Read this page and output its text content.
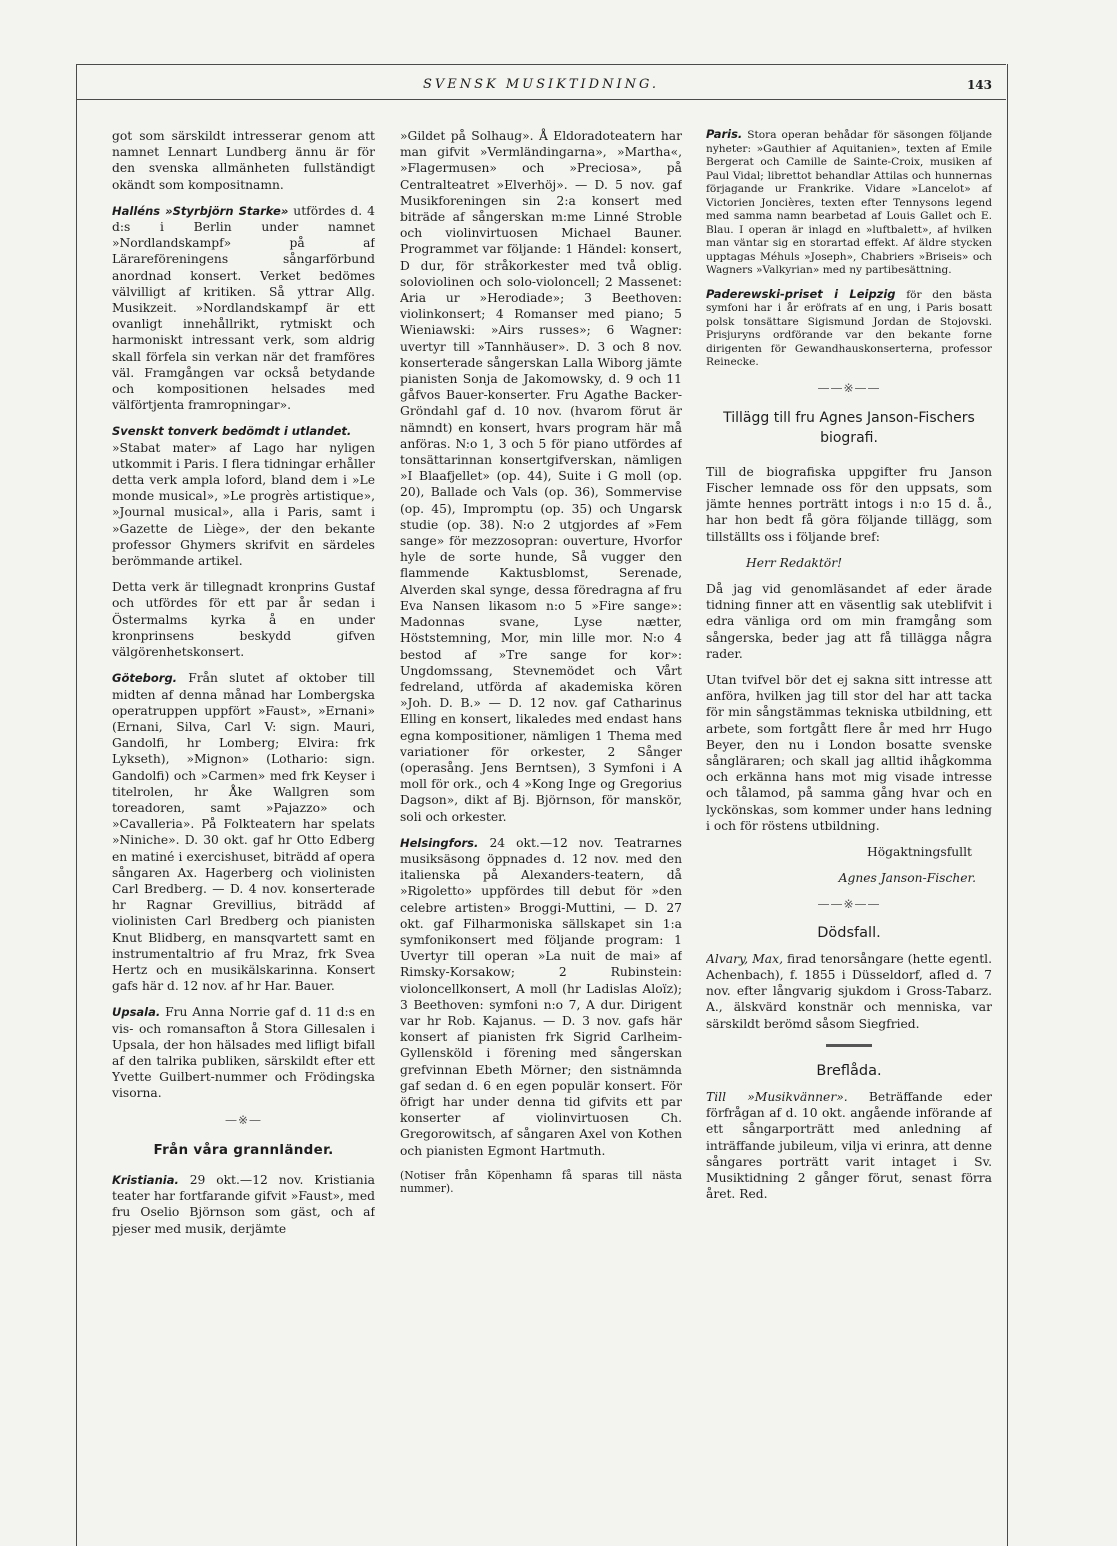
SVENSK MUSIKTIDNING.	143

got som särskildt intresserar genom att namnet Lennart Lundberg ännu är för den svenska allmänheten fullständigt okändt som kompositnamn.

Halléns »Styrbjörn Starke» utfördes d. 4 d:s i Berlin under namnet »Nordlandskampf» på af Lärareföreningens sångarförbund anordnad konsert. Verket bedömes välvilligt af kritiken. Så yttrar Allg. Musikzeit. »Nordlandskampf är ett ovanligt innehållrikt, rytmiskt och harmoniskt intressant verk, som aldrig skall förfela sin verkan när det framföres väl. Framgången var också betydande och kompositionen helsades med välförtjenta framropningar».

Svenskt tonverk bedömdt i utlandet.
»Stabat mater» af Lago har nyligen utkommit i Paris. I flera tidningar erhåller detta verk ampla loford, bland dem i »Le monde musical», »Le progrès artistique», »Journal musical», alla i Paris, samt i »Gazette de Liège», der den bekante professor Ghymers skrifvit en särdeles berömmande artikel.

Detta verk är tillegnadt kronprins Gustaf och utfördes för ett par år sedan i Östermalms kyrka å en under kronprinsens beskydd gifven välgörenhetskonsert.

Göteborg. Från slutet af oktober till midten af denna månad har Lombergska operatruppen uppfört »Faust», »Ernani» (Ernani, Silva, Carl V: sign. Mauri, Gandolfi, hr Lomberg; Elvira: frk Lykseth), »Mignon» (Lothario: sign. Gandolfi) och »Carmen» med frk Keyser i titelrolen, hr Åke Wallgren som toreadoren, samt »Pajazzo» och »Cavalleria». På Folkteatern har spelats »Niniche». D. 30 okt. gaf hr Otto Edberg en matiné i exercishuset, biträdd af opera sångaren Ax. Hagerberg och violinisten Carl Bredberg. — D. 4 nov. konserterade hr Ragnar Grevillius, biträdd af violinisten Carl Bredberg och pianisten Knut Blidberg, en mansqvartett samt en instrumentaltrio af fru Mraz, frk Svea Hertz och en musikälskarinna. Konsert gafs här d. 12 nov. af hr Har. Bauer.

Upsala. Fru Anna Norrie gaf d. 11 d:s en vis- och romansafton å Stora Gillesalen i Upsala, der hon hälsades med lifligt bifall af den talrika publiken, särskildt efter ett Yvette Guilbert-nummer och Frödingska visorna.

—※—
Från våra grannländer.

Kristiania. 29 okt.—12 nov. Kristiania teater har fortfarande gifvit »Faust», med fru Oselio Björnson som gäst, och af pjeser med musik, derjämte

»Gildet på Solhaug». Å Eldoradoteatern har man gifvit »Vermländingarna», »Martha«, »Flagermusen» och »Preciosa», på Centralteatret »Elverhöj». — D. 5 nov. gaf Musikforeningen sin 2:a konsert med biträde af sångerskan m:me Linné Stroble och violinvirtuosen Michael Bauner. Programmet var följande: 1 Händel: konsert, D dur, för stråkorkester med två oblig. soloviolinen och solo-violoncell; 2 Massenet: Aria ur »Herodiade»; 3 Beethoven: violinkonsert; 4 Romanser med piano; 5 Wieniawski: »Airs russes»; 6 Wagner: uvertyr till »Tannhäuser». D. 3 och 8 nov. konserterade sångerskan Lalla Wiborg jämte pianisten Sonja de Jakomowsky, d. 9 och 11 gåfvos Bauer-konserter. Fru Agathe Backer-Gröndahl gaf d. 10 nov. (hvarom förut är nämndt) en konsert, hvars program här må anföras. N:o 1, 3 och 5 för piano utfördes af tonsättarinnan konsertgifverskan, nämligen »I Blaafjellet» (op. 44), Suite i G moll (op. 20), Ballade och Vals (op. 36), Sommervise (op. 45), Impromptu (op. 35) och Ungarsk studie (op. 38). N:o 2 utgjordes af »Fem sange» för mezzosopran: ouverture, Hvorfor hyle de sorte hunde, Så vugger den flammende Kaktusblomst, Serenade, Alverden skal synge, dessa föredragna af fru Eva Nansen likasom n:o 5 »Fire sange»: Madonnas svane, Lyse nætter, Höststemning, Mor, min lille mor. N:o 4 bestod af »Tre sange for kor»: Ungdomssang, Stevnemödet och Vårt fedreland, utförda af akademiska kören »Joh. D. B.» — D. 12 nov. gaf Catharinus Elling en konsert, likaledes med endast hans egna kompositioner, nämligen 1 Thema med variationer för orkester, 2 Sånger (operasång. Jens Berntsen), 3 Symfoni i A moll för ork., och 4 »Kong Inge og Gregorius Dagson», dikt af Bj. Björnson, för manskör, soli och orkester.

Helsingfors. 24 okt.—12 nov. Teatrarnes musiksäsong öppnades d. 12 nov. med den italienska på Alexanders-teatern, då »Rigoletto» uppfördes till debut för »den celebre artisten» Broggi-Muttini, — D. 27 okt. gaf Filharmoniska sällskapet sin 1:a symfonikonsert med följande program: 1 Uvertyr till operan »La nuit de mai» af Rimsky-Korsakow; 2 Rubinstein: violoncellkonsert, A moll (hr Ladislas Aloïz); 3 Beethoven: symfoni n:o 7, A dur. Dirigent var hr Rob. Kajanus. — D. 3 nov. gafs här konsert af pianisten frk Sigrid Carlheim-Gyllensköld i förening med sångerskan grefvinnan Ebeth Mörner; den sistnämnda gaf sedan d. 6 en egen populär konsert. För öfrigt har under denna tid gifvits ett par konserter af violinvirtuosen Ch. Gregorowitsch, af sångaren Axel von Kothen och pianisten Egmont Hartmuth.

(Notiser från Köpenhamn få sparas till nästa nummer).

Paris. Stora operan behådar för säsongen följande nyheter: »Gauthier af Aquitanien», texten af Emile Bergerat och Camille de Sainte-Croix, musiken af Paul Vidal; librettot behandlar Attilas och hunnernas förjagande ur Frankrike. Vidare »Lancelot» af Victorien Joncières, texten efter Tennysons legend med samma namn bearbetad af Louis Gallet och E. Blau. I operan är inlagd en »luftbalett», af hvilken man väntar sig en storartad effekt. Af äldre stycken upptagas Méhuls »Joseph», Chabriers »Briseis» och Wagners »Valkyrian» med ny partibesättning.

Paderewski-priset i Leipzig för den bästa symfoni har i år eröfrats af en ung, i Paris bosatt polsk tonsättare Sigismund Jordan de Stojovski. Prisjuryns ordförande var den bekante forne dirigenten för Gewandhauskonserterna, professor Reinecke.

——※——
Tillägg till fru Agnes Janson-Fischers biografi.

Till de biografiska uppgifter fru Janson Fischer lemnade oss för den uppsats, som jämte hennes porträtt intogs i n:o 15 d. å., har hon bedt få göra följande tillägg, som tillställts oss i följande bref:

Herr Redaktör!

Då jag vid genomläsandet af eder ärade tidning finner att en väsentlig sak uteblifvit i edra vänliga ord om min framgång som sångerska, beder jag att få tillägga några rader.

Utan tvifvel bör det ej sakna sitt intresse att anföra, hvilken jag till stor del har att tacka för min sångstämmas tekniska utbildning, ett arbete, som fortgått flere år med hrr Hugo Beyer, den nu i London bosatte svenske sångläraren; och skall jag alltid ihågkomma och erkänna hans mot mig visade intresse och tålamod, på samma gång hvar och en lyckönskas, som kommer under hans ledning i och för röstens utbildning.

Högaktningsfullt

Agnes Janson-Fischer.

——※——
Dödsfall.

Alvary, Max, firad tenorsångare (hette egentl. Achenbach), f. 1855 i Düsseldorf, afled d. 7 nov. efter långvarig sjukdom i Gross-Tabarz. A., älskvärd konstnär och menniska, var särskildt berömd såsom Siegfried.

Breflåda.

Till »Musikvänner». Beträffande eder förfrågan af d. 10 okt. angående införande af ett sångarporträtt med anledning af inträffande jubileum, vilja vi erinra, att denne sångares porträtt varit intaget i Sv. Musiktidning 2 gånger förut, senast förra året. Red.
